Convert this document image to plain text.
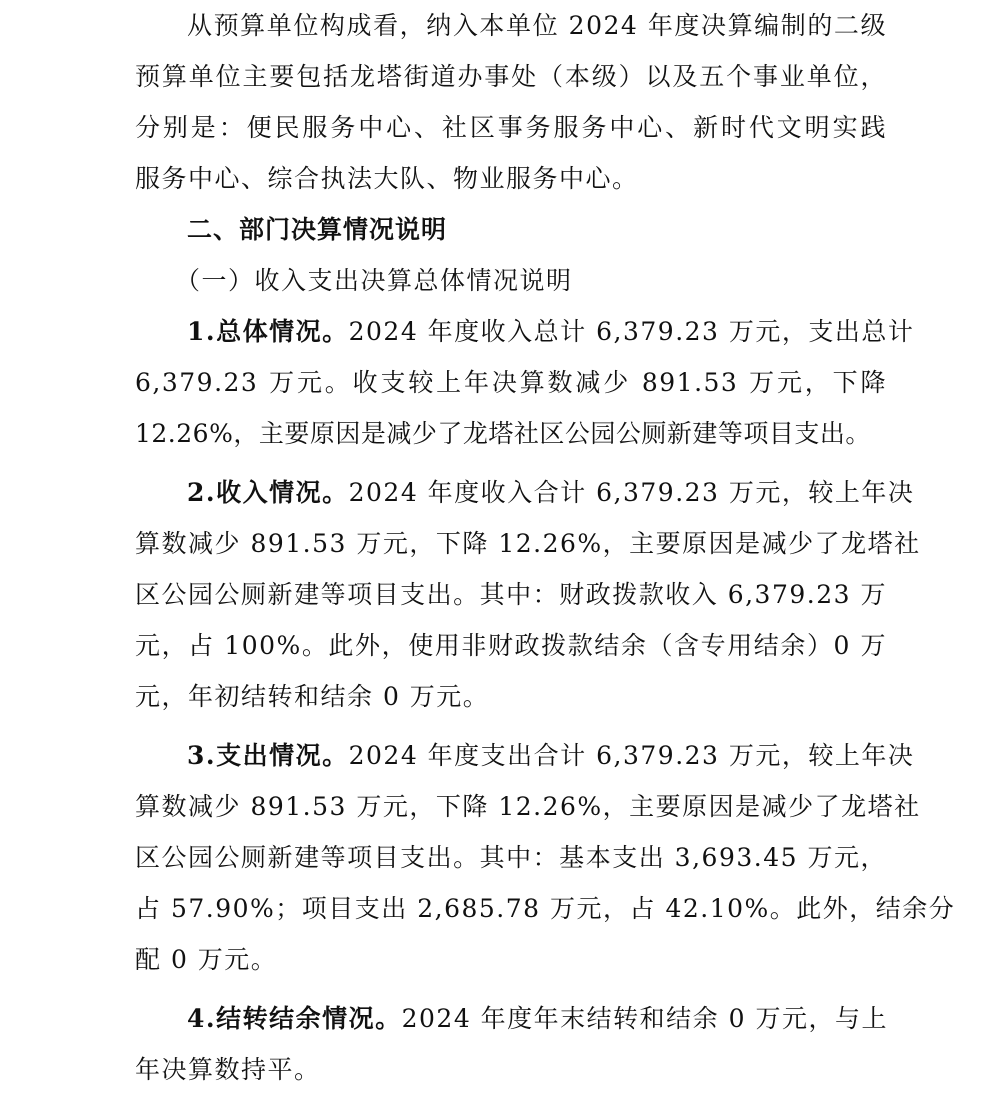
从预算单位构成看，纳入本单位 2024 年度决算编制的二级

预算单位主要包括龙塔街道办事处（本级）以及五个事业单位，

分别是：便民服务中心、社区事务服务中心、新时代文明实践

服务中心、综合执法大队、物业服务中心。

二、部门决算情况说明

（一）收入支出决算总体情况说明

1.总体情况。2024 年度收入总计 6,379.23 万元，支出总计

6,379.23 万元。收支较上年决算数减少 891.53 万元，下降

12.26%，主要原因是减少了龙塔社区公园公厕新建等项目支出。

2.收入情况。2024 年度收入合计 6,379.23 万元，较上年决

算数减少 891.53 万元，下降 12.26%，主要原因是减少了龙塔社

区公园公厕新建等项目支出。其中：财政拨款收入 6,379.23 万

元，占 100%。此外，使用非财政拨款结余（含专用结余）0 万

元，年初结转和结余 0 万元。

3.支出情况。2024 年度支出合计 6,379.23 万元，较上年决

算数减少 891.53 万元，下降 12.26%，主要原因是减少了龙塔社

区公园公厕新建等项目支出。其中：基本支出 3,693.45 万元，

占 57.90%；项目支出 2,685.78 万元，占 42.10%。此外，结余分

配 0 万元。

4.结转结余情况。2024 年度年末结转和结余 0 万元，与上

年决算数持平。
